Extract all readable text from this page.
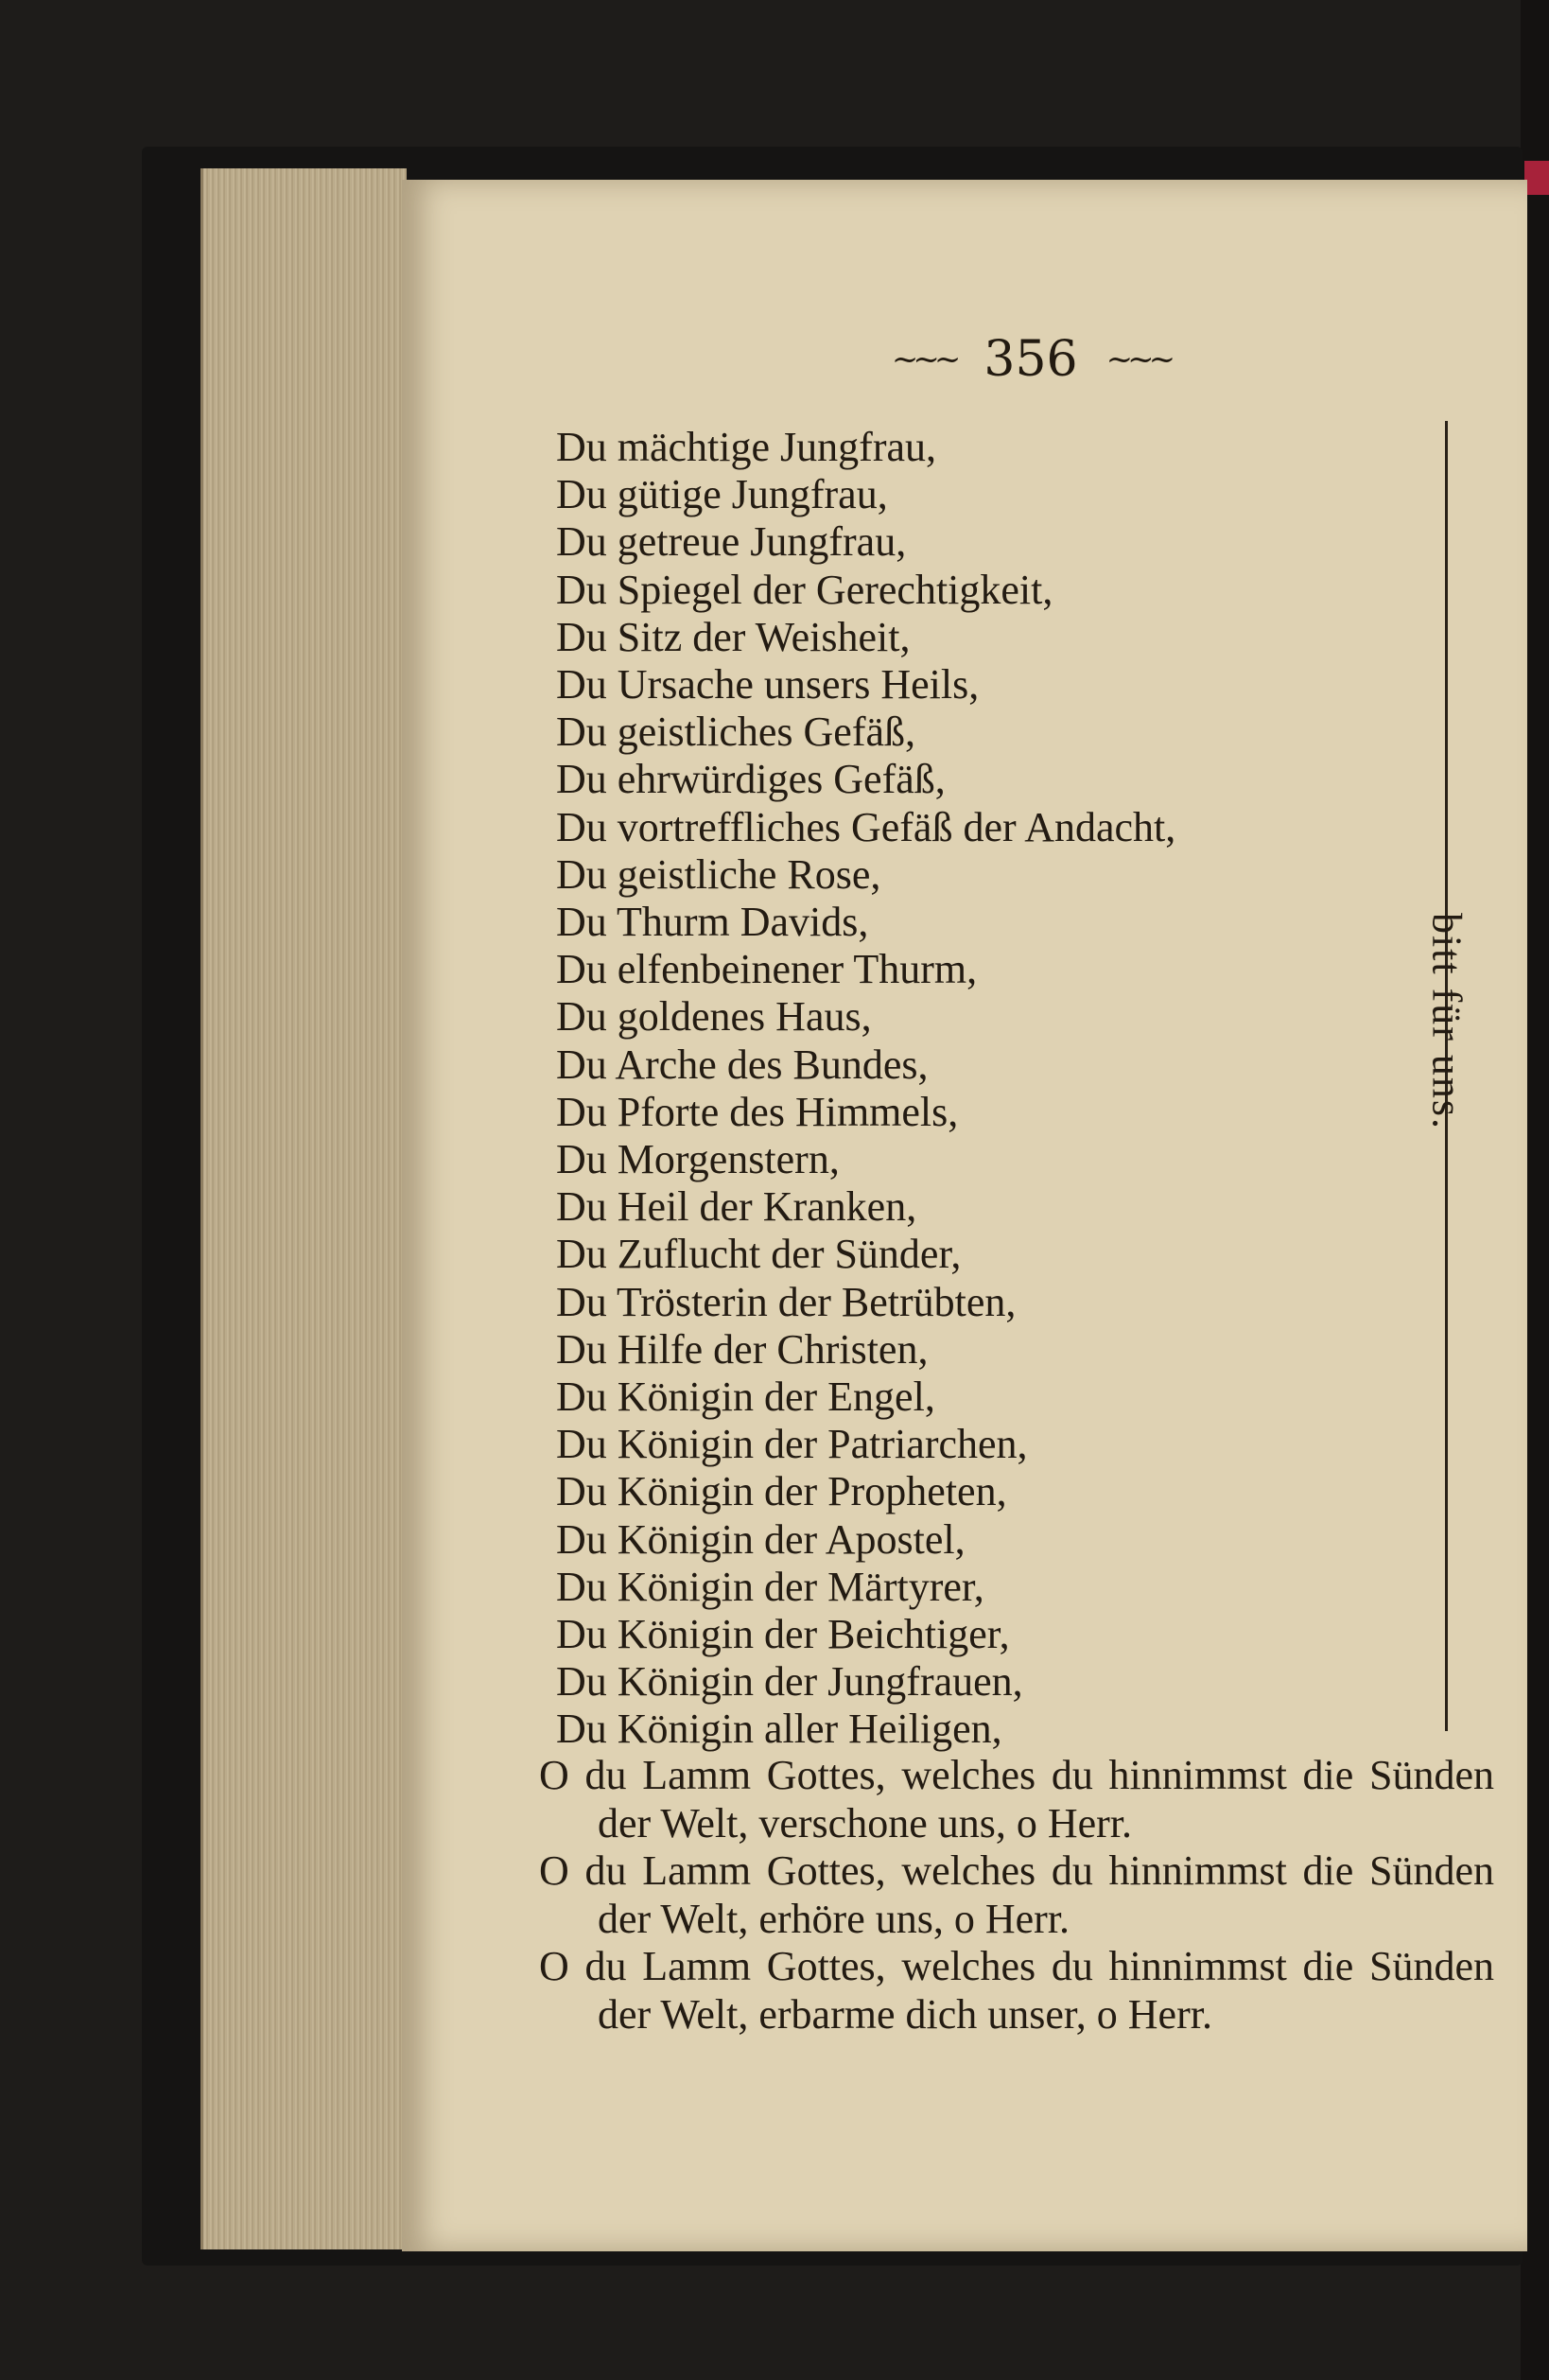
~~~ 356 ~~~
Du mächtige Jungfrau,
Du gütige Jungfrau,
Du getreue Jungfrau,
Du Spiegel der Gerechtigkeit,
Du Sitz der Weisheit,
Du Ursache unsers Heils,
Du geistliches Gefäß,
Du ehrwürdiges Gefäß,
Du vortreffliches Gefäß der Andacht,
Du geistliche Rose,
Du Thurm Davids,
Du elfenbeinener Thurm,
Du goldenes Haus,
Du Arche des Bundes,
Du Pforte des Himmels,
Du Morgenstern,
Du Heil der Kranken,
Du Zuflucht der Sünder,
Du Trösterin der Betrübten,
Du Hilfe der Christen,
Du Königin der Engel,
Du Königin der Patriarchen,
Du Königin der Propheten,
Du Königin der Apostel,
Du Königin der Märtyrer,
Du Königin der Beichtiger,
Du Königin der Jungfrauen,
Du Königin aller Heiligen,
bitt für uns.
O du Lamm Gottes, welches du hinnimmst die Sünden der Welt, verschone uns, o Herr.
O du Lamm Gottes, welches du hinnimmst die Sünden der Welt, erhöre uns, o Herr.
O du Lamm Gottes, welches du hinnimmst die Sünden der Welt, erbarme dich unser, o Herr.
